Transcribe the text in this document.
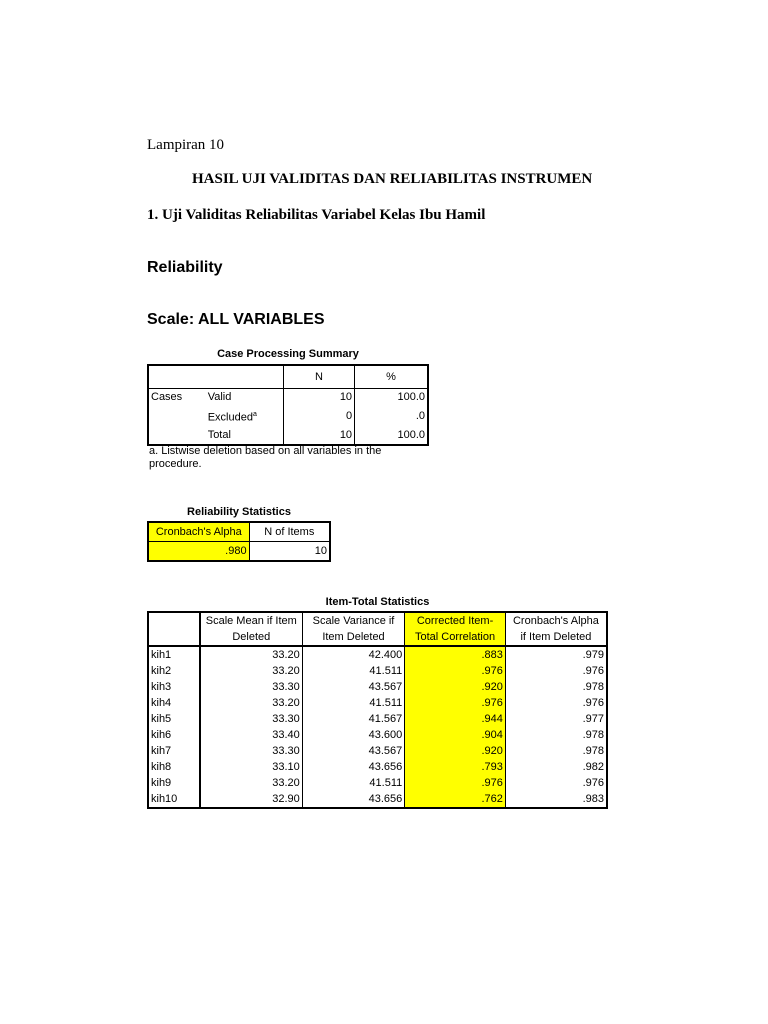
Lampiran 10
HASIL UJI VALIDITAS DAN RELIABILITAS INSTRUMEN
1. Uji Validitas Reliabilitas Variabel Kelas Ibu Hamil
Reliability
Scale: ALL VARIABLES
Case Processing Summary
		N	%
Cases	Valid	10	100.0
	Excluded$^a$	0	.0
	Total	10	100.0
a. Listwise deletion based on all variables in the
procedure.
Reliability Statistics
Cronbach's Alpha	N of Items
.980	10
Item-Total Statistics
	Scale Mean if Item	Scale Variance if	Corrected Item-	Cronbach's Alpha
	Deleted	Item Deleted	Total Correlation	if Item Deleted
kih1	33.20	42.400	.883	.979
kih2	33.20	41.511	.976	.976
kih3	33.30	43.567	.920	.978
kih4	33.20	41.511	.976	.976
kih5	33.30	41.567	.944	.977
kih6	33.40	43.600	.904	.978
kih7	33.30	43.567	.920	.978
kih8	33.10	43.656	.793	.982
kih9	33.20	41.511	.976	.976
kih10	32.90	43.656	.762	.983
